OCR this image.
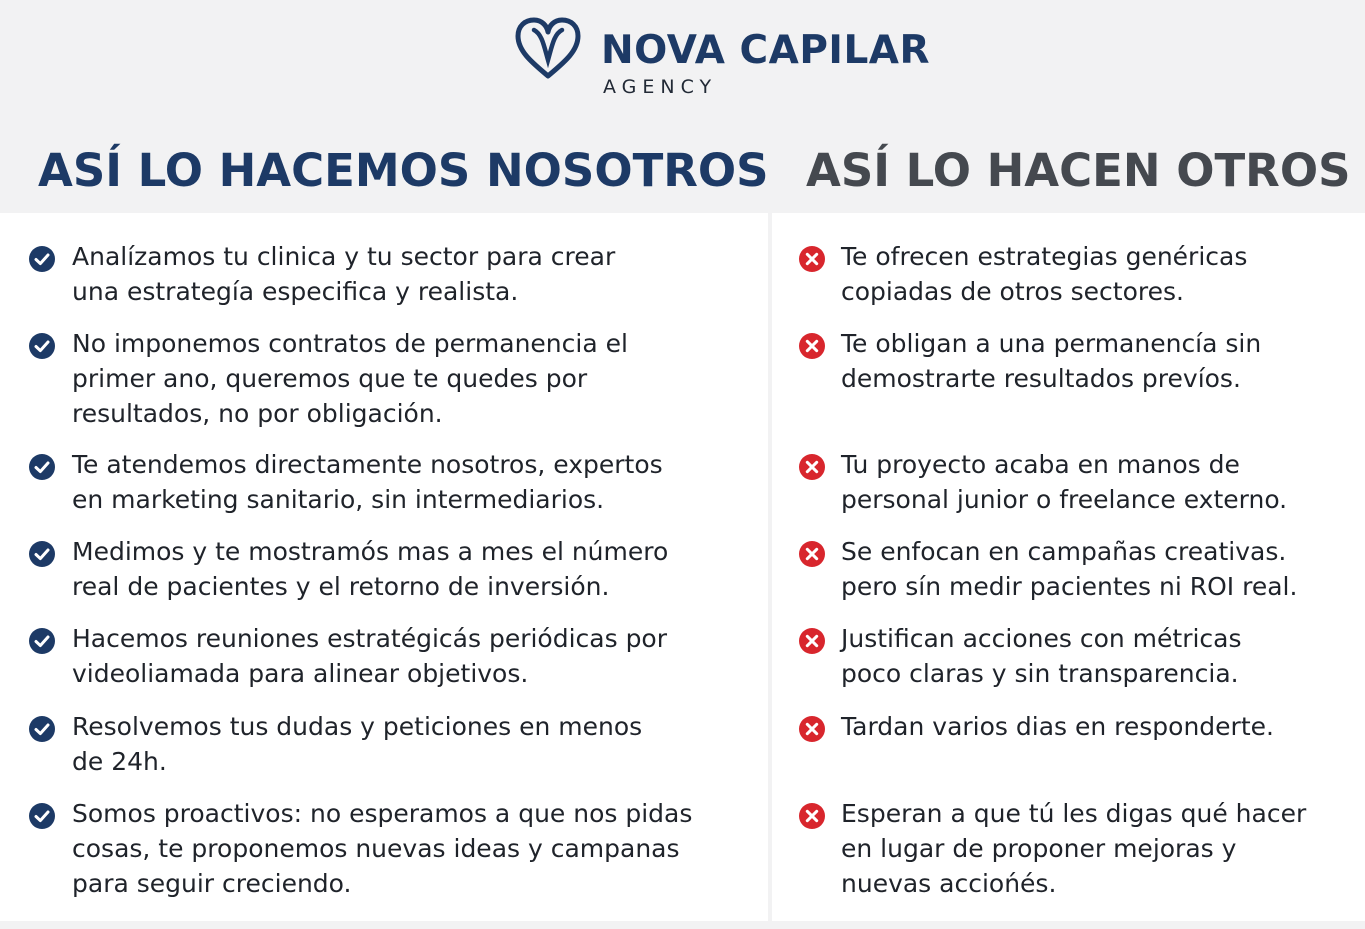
NOVA CAPILAR
AGENCY
ASÍ LO HACEMOS NOSOTROS ASÍ LO HACEN OTROS
Analízamos tu clinica y tu sector para crear
una estrategía especifica y realista.
No imponemos contratos de permanencia el
primer ano, queremos que te quedes por
resultados, no por obligación.
Te atendemos directamente nosotros, expertos
en marketing sanitario, sin intermediarios.
Medimos y te mostramós mas a mes el número
real de pacientes y el retorno de inversión.
Hacemos reuniones estratégicás periódicas por
videoliamada para alinear objetivos.
Resolvemos tus dudas y peticiones en menos
de 24h.
Somos proactivos: no esperamos a que nos pidas
cosas, te proponemos nuevas ideas y campanas
para seguir creciendo.
Te ofrecen estrategias genéricas
copiadas de otros sectores.
Te obligan a una permanencía sin
demostrarte resultados prevíos.
Tu proyecto acaba en manos de
personal junior o freelance externo.
Se enfocan en campañas creativas.
pero sín medir pacientes ni ROI real.
Justifican acciones con métricas
poco claras y sin transparencia.
Tardan varios dias en responderte.
Esperan a que tú les digas qué hacer
en lugar de proponer mejoras y
nuevas acciońés.
